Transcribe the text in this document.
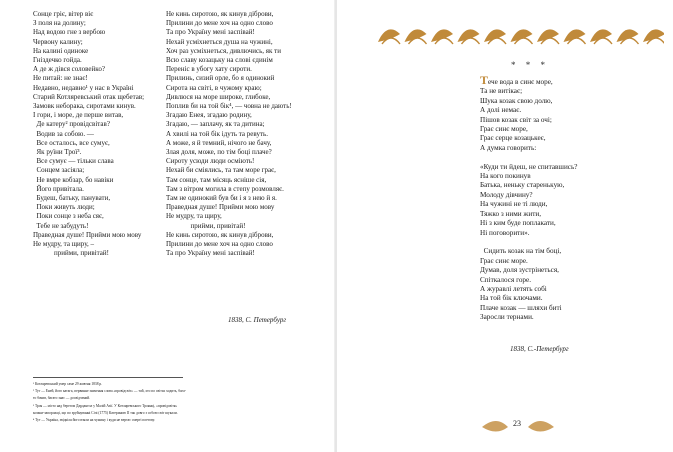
Сонце гріє, вітер віє
З поля на долину;
Над водою гне з вербою
Червону калину;
На калині одиноке
Гніздечко гойда.
А де ж дівся соловейко?
Не питай: не знає!
Недавно, недавно¹ у нас в Україні
Старий Котляревський отак щебетав;
Замовк неборака, сиротами кинув.
І гори, і море, де перше витав,
Де катеру² провідсвітав?
Водив за собою. —
Все осталось, все сумує,
Як руїни Трої³.
Все сумує — тільки слава
Сонцем засіяла;
Не вмре кобзар, бо навіки
Його привітала.
Будеш, батьку, панувати,
Поки живуть люди;
Поки сонце з неба сяє,
Тебе не забудуть!
Праведная душе! Прийми мою мову
Не мудру, та щиру, –
прийми, привітай!
Не кинь сиротою, як кинув діброви,
Прилини до мене хоч на одно слово
Та про Україну мені заспівай!
Нехай усміхнеться душа на чужині,
Хоч раз усміхнеться, дивлючись, як ти
Всю славу козацьку на слові єдинім
Переніс в убогу хату сироти.
Прилинь, сизий орле, бо я одинокий
Сирота на світі, в чужому краю;
Дивлюся на море широке, глибоке,
Поплив би на той бік⁴, — човна не дають!
Згадаю Енея, згадаю родину,
Згадаю, — заплачу, як та дитина;
А хвилі на той бік ідуть та ревуть.
А може, я й темний, нічого не бачу,
Злая доля, може, по тім боці плаче?
Сироту усюди люди осміють!
Нехай би сміялись, та там море грає,
Там сонце, там місяць ясніше сія,
Там з вітром могила в степу розмовляє.
Там не одинокий був би і я з нею й я.
Праведная душе! Прийми мою мову
Не мудру, та щиру,
прийми, привітай!
Не кинь сиротою, як кинув діброви,
Прилини до мене хоч на одно слово
Та про Україну мені заспівай!
1838, С. Петербург
¹ Котляревський умер саме 29 жовтня 1838 р.
² Тут — Еней, його катага, первинне значення слова «провідсвіт» — той, хто по світах ходить, бага-
то бачив, багато знає — досвідчений.
³ Троя — місто над берегом Дарданелл у Малій Азії. У Котляревського Троянці, «провідсвітя»
козаки-запорожці, що по зруйнуванні Січі (1775) Катериною II так довго з собою світ шукали.
⁴ Тут — Україна, звідкіля його взяли на чужину і куди не вертає смерті поетову.
* * *
Тече вода в синє море,
Та не витікає;
Шука козак свою долю,
А долі немає.
Пішов козак світ за очі;
Грає синє море,
Грає серце козацькеє,
А думка говорить:

«Куди ти йдеш, не спитавшись?
На кого покинув
Батька, неньку старенькую,
Молоду дівчину?
На чужині не ті люди,
Тяжко з ними жити,
Ні з ким буде поплакати,
Ні поговорити».

Сидить козак на тім боці,
Грає синє море.
Думав, доля зустрінеться,
Спіткалося горе.
А журавлі летять собі
На той бік ключами.
Плаче козак — шляхи биті
Заросли тернами.
1838, С.-Петербург
23
